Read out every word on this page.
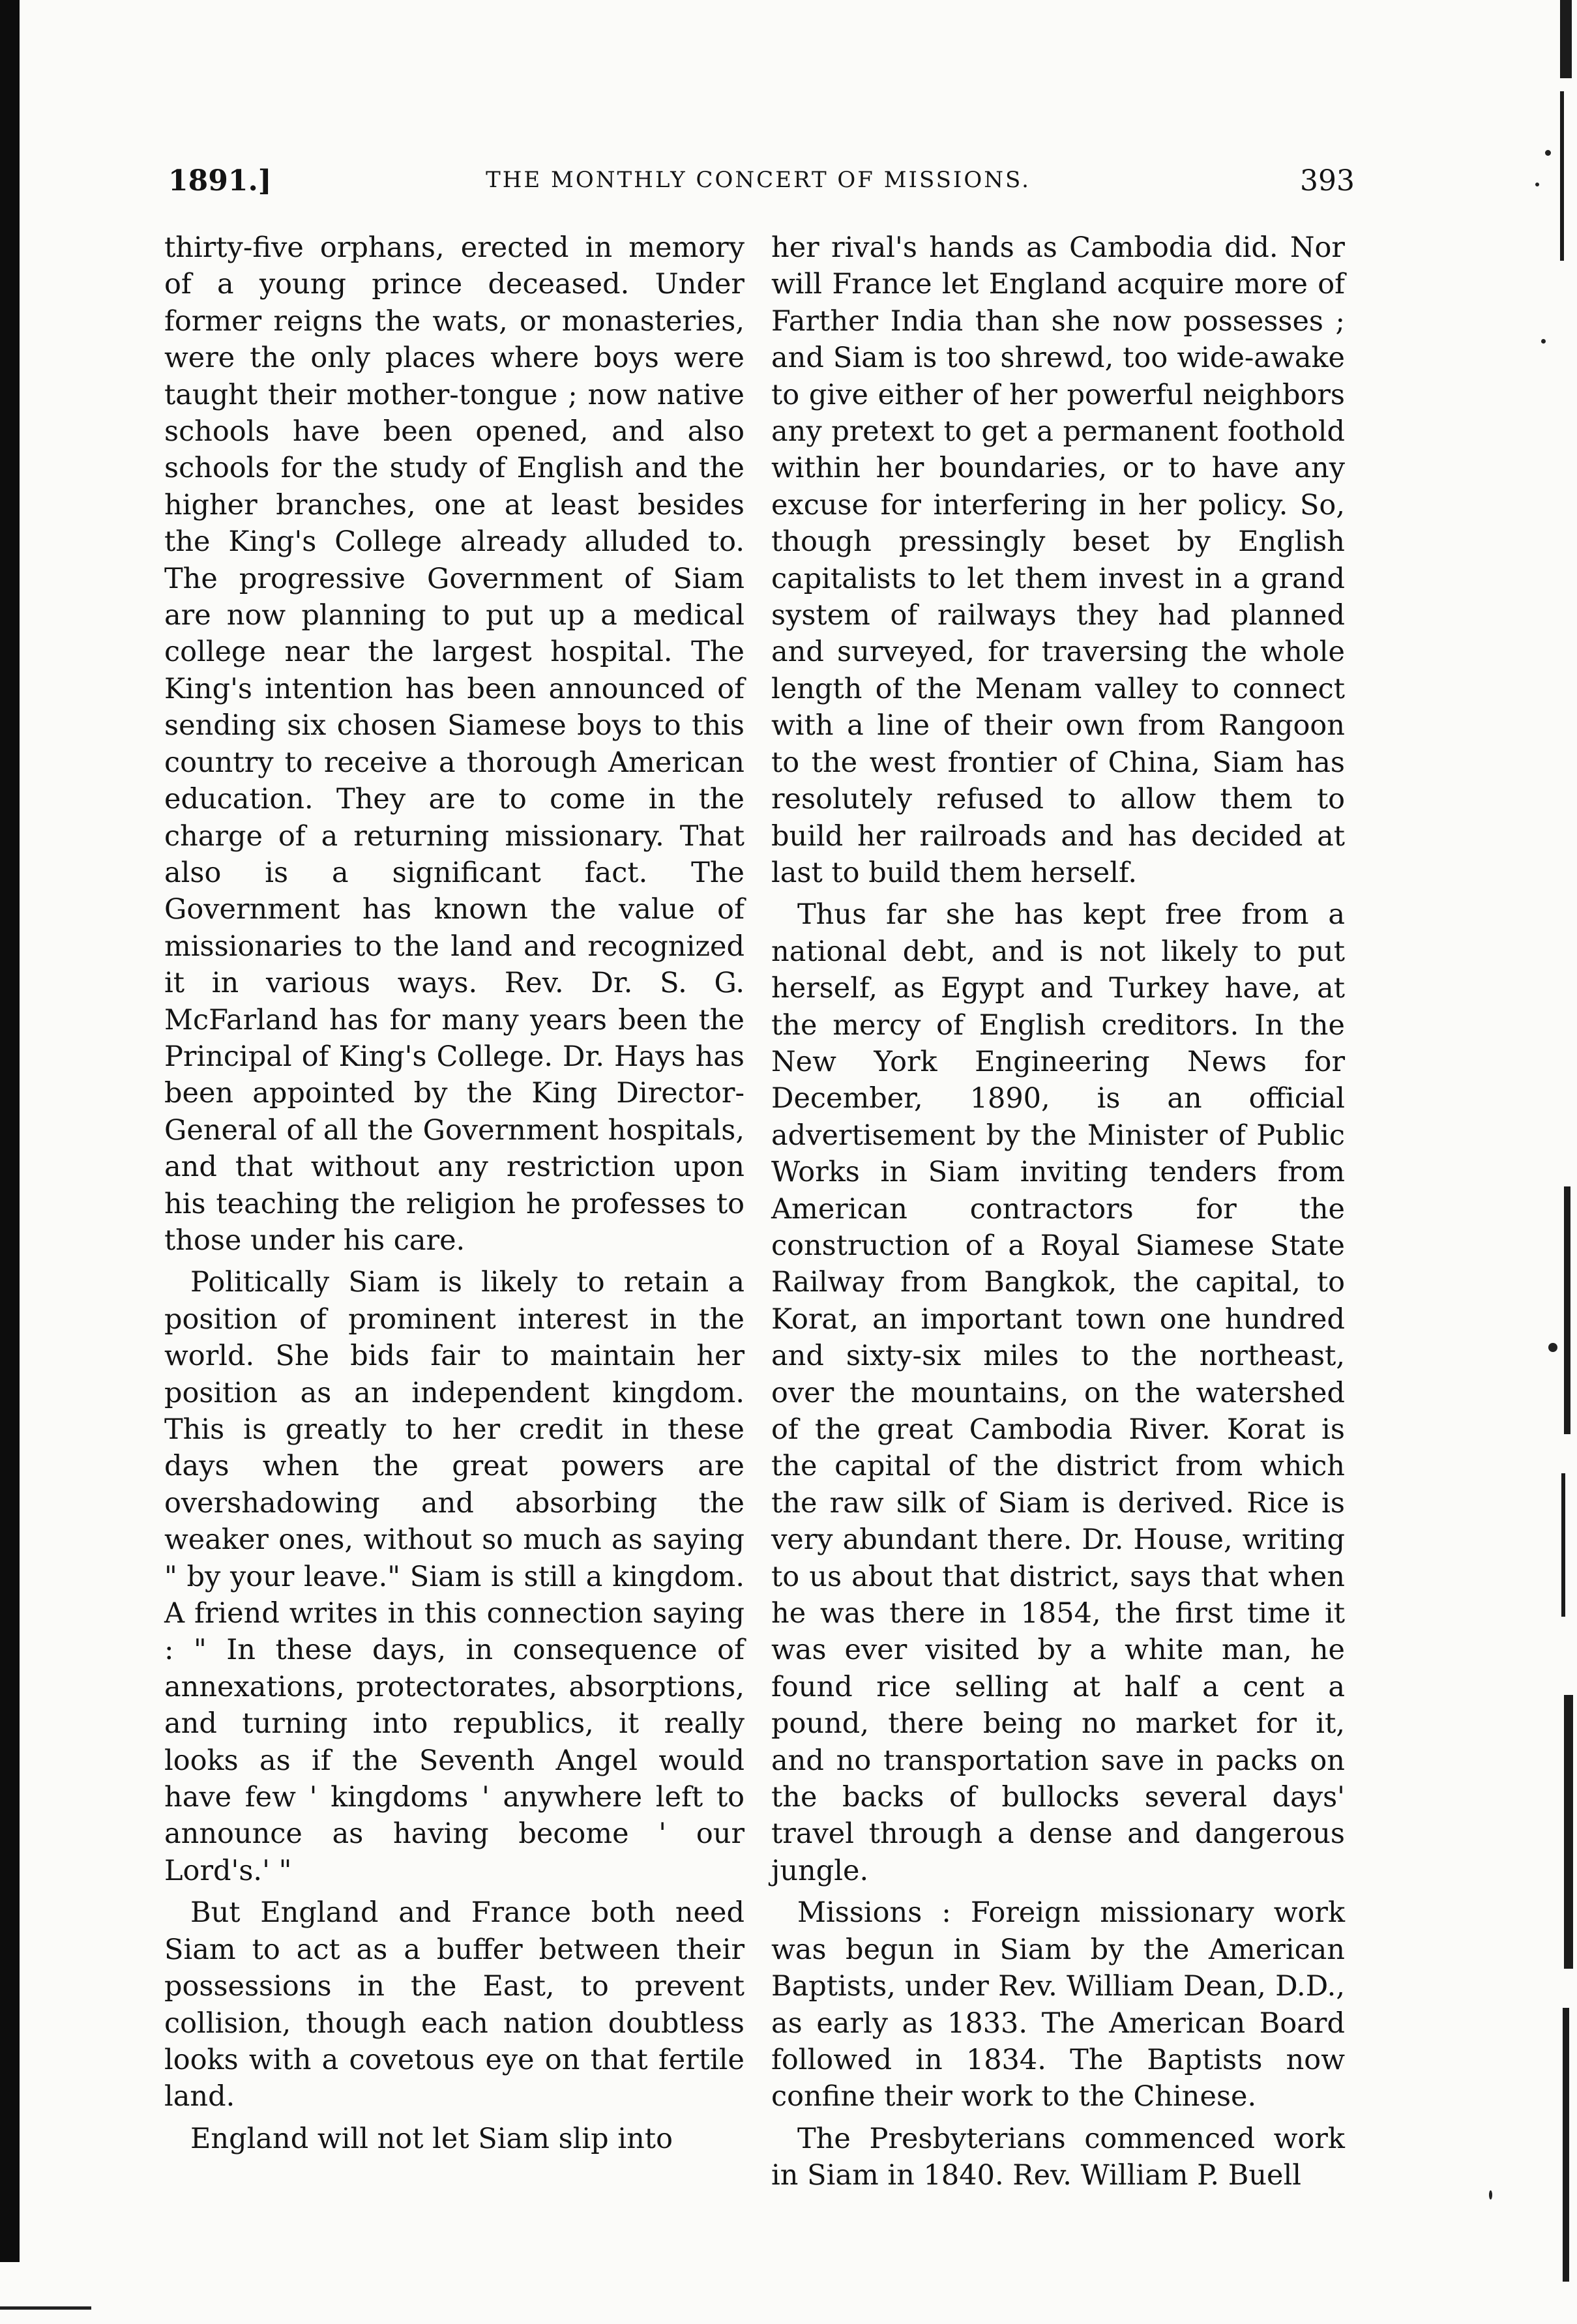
1891.]	THE MONTHLY CONCERT OF MISSIONS.	393

thirty-five orphans, erected in memory of a young prince deceased. Under former reigns the wats, or monasteries, were the only places where boys were taught their mother-tongue ; now native schools have been opened, and also schools for the study of English and the higher branches, one at least besides the King's College already alluded to. The progressive Government of Siam are now planning to put up a medical college near the largest hospital. The King's intention has been announced of sending six chosen Siamese boys to this country to receive a thorough American education. They are to come in the charge of a returning missionary. That also is a significant fact. The Government has known the value of missionaries to the land and recognized it in various ways. Rev. Dr. S. G. McFarland has for many years been the Principal of King's College. Dr. Hays has been appointed by the King Director-General of all the Government hospitals, and that without any restriction upon his teaching the religion he professes to those under his care.

Politically Siam is likely to retain a position of prominent interest in the world. She bids fair to maintain her position as an independent kingdom. This is greatly to her credit in these days when the great powers are overshadowing and absorbing the weaker ones, without so much as saying " by your leave." Siam is still a kingdom. A friend writes in this connection saying : " In these days, in consequence of annexations, protectorates, absorptions, and turning into republics, it really looks as if the Seventh Angel would have few ' kingdoms ' anywhere left to announce as having become ' our Lord's.' "

But England and France both need Siam to act as a buffer between their possessions in the East, to prevent collision, though each nation doubtless looks with a covetous eye on that fertile land.

England will not let Siam slip into

her rival's hands as Cambodia did. Nor will France let England acquire more of Farther India than she now possesses ; and Siam is too shrewd, too wide-awake to give either of her powerful neighbors any pretext to get a permanent foothold within her boundaries, or to have any excuse for interfering in her policy. So, though pressingly beset by English capitalists to let them invest in a grand system of railways they had planned and surveyed, for traversing the whole length of the Menam valley to connect with a line of their own from Rangoon to the west frontier of China, Siam has resolutely refused to allow them to build her railroads and has decided at last to build them herself.

Thus far she has kept free from a national debt, and is not likely to put herself, as Egypt and Turkey have, at the mercy of English creditors. In the New York Engineering News for December, 1890, is an official advertisement by the Minister of Public Works in Siam inviting tenders from American contractors for the construction of a Royal Siamese State Railway from Bangkok, the capital, to Korat, an important town one hundred and sixty-six miles to the northeast, over the mountains, on the watershed of the great Cambodia River. Korat is the capital of the district from which the raw silk of Siam is derived. Rice is very abundant there. Dr. House, writing to us about that district, says that when he was there in 1854, the first time it was ever visited by a white man, he found rice selling at half a cent a pound, there being no market for it, and no transportation save in packs on the backs of bullocks several days' travel through a dense and dangerous jungle.

Missions : Foreign missionary work was begun in Siam by the American Baptists, under Rev. William Dean, D.D., as early as 1833. The American Board followed in 1834. The Baptists now confine their work to the Chinese.

The Presbyterians commenced work in Siam in 1840. Rev. William P. Buell
